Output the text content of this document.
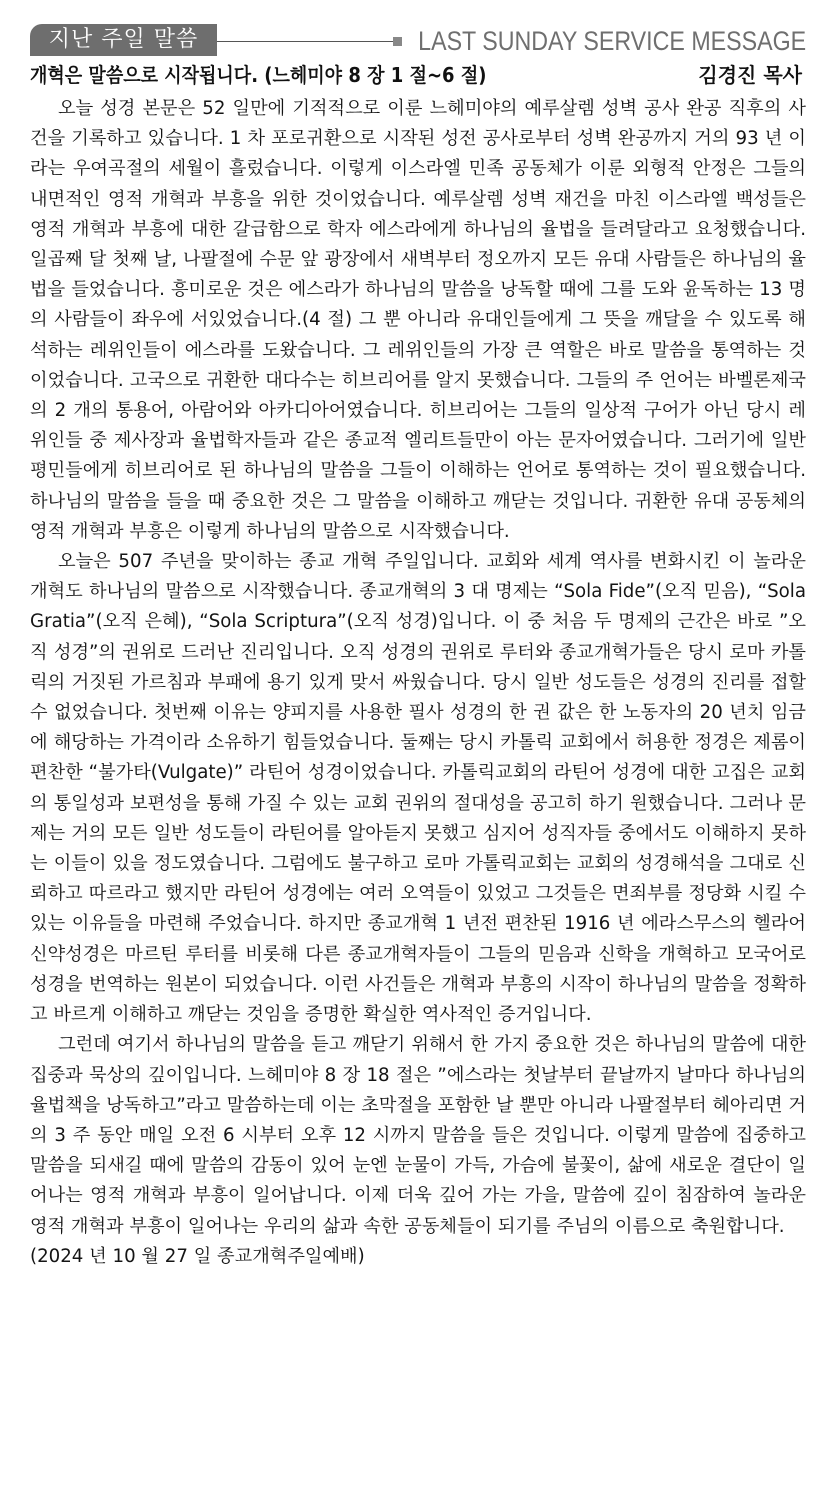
지난 주일 말씀	LAST SUNDAY SERVICE MESSAGE
개혁은 말씀으로 시작됩니다. (느헤미야 8 장 1 절~6 절)	김경진 목사

오늘 성경 본문은 52 일만에 기적적으로 이룬 느헤미야의 예루살렘 성벽 공사 완공 직후의 사건을 기록하고 있습니다. 1 차 포로귀환으로 시작된 성전 공사로부터 성벽 완공까지 거의 93 년 이라는 우여곡절의 세월이 흘렀습니다. 이렇게 이스라엘 민족 공동체가 이룬 외형적 안정은 그들의 내면적인 영적 개혁과 부흥을 위한 것이었습니다. 예루살렘 성벽 재건을 마친 이스라엘 백성들은 영적 개혁과 부흥에 대한 갈급함으로 학자 에스라에게 하나님의 율법을 들려달라고 요청했습니다. 일곱째 달 첫째 날, 나팔절에 수문 앞 광장에서 새벽부터 정오까지 모든 유대 사람들은 하나님의 율법을 들었습니다. 흥미로운 것은 에스라가 하나님의 말씀을 낭독할 때에 그를 도와 윤독하는 13 명의 사람들이 좌우에 서있었습니다.(4 절) 그 뿐 아니라 유대인들에게 그 뜻을 깨달을 수 있도록 해석하는 레위인들이 에스라를 도왔습니다. 그 레위인들의 가장 큰 역할은 바로 말씀을 통역하는 것이었습니다. 고국으로 귀환한 대다수는 히브리어를 알지 못했습니다. 그들의 주 언어는 바벨론제국의 2 개의 통용어, 아람어와 아카디아어였습니다. 히브리어는 그들의 일상적 구어가 아닌 당시 레위인들 중 제사장과 율법학자들과 같은 종교적 엘리트들만이 아는 문자어였습니다. 그러기에 일반 평민들에게 히브리어로 된 하나님의 말씀을 그들이 이해하는 언어로 통역하는 것이 필요했습니다. 하나님의 말씀을 들을 때 중요한 것은 그 말씀을 이해하고 깨닫는 것입니다. 귀환한 유대 공동체의 영적 개혁과 부흥은 이렇게 하나님의 말씀으로 시작했습니다.

오늘은 507 주년을 맞이하는 종교 개혁 주일입니다. 교회와 세계 역사를 변화시킨 이 놀라운 개혁도 하나님의 말씀으로 시작했습니다. 종교개혁의 3 대 명제는 “Sola Fide”(오직 믿음), “Sola Gratia”(오직 은혜), “Sola Scriptura”(오직 성경)입니다. 이 중 처음 두 명제의 근간은 바로 ”오직 성경”의 권위로 드러난 진리입니다. 오직 성경의 권위로 루터와 종교개혁가들은 당시 로마 카톨릭의 거짓된 가르침과 부패에 용기 있게 맞서 싸웠습니다. 당시 일반 성도들은 성경의 진리를 접할 수 없었습니다. 첫번째 이유는 양피지를 사용한 필사 성경의 한 권 값은 한 노동자의 20 년치 임금에 해당하는 가격이라 소유하기 힘들었습니다. 둘째는 당시 카톨릭 교회에서 허용한 정경은 제롬이 편찬한 “불가타(Vulgate)” 라틴어 성경이었습니다. 카톨릭교회의 라틴어 성경에 대한 고집은 교회의 통일성과 보편성을 통해 가질 수 있는 교회 권위의 절대성을 공고히 하기 원했습니다. 그러나 문제는 거의 모든 일반 성도들이 라틴어를 알아듣지 못했고 심지어 성직자들 중에서도 이해하지 못하는 이들이 있을 정도였습니다. 그럼에도 불구하고 로마 가톨릭교회는 교회의 성경해석을 그대로 신뢰하고 따르라고 했지만 라틴어 성경에는 여러 오역들이 있었고 그것들은 면죄부를 정당화 시킬 수 있는 이유들을 마련해 주었습니다. 하지만 종교개혁 1 년전 편찬된 1916 년 에라스무스의 헬라어 신약성경은 마르틴 루터를 비롯해 다른 종교개혁자들이 그들의 믿음과 신학을 개혁하고 모국어로 성경을 번역하는 원본이 되었습니다. 이런 사건들은 개혁과 부흥의 시작이 하나님의 말씀을 정확하고 바르게 이해하고 깨닫는 것임을 증명한 확실한 역사적인 증거입니다.

그런데 여기서 하나님의 말씀을 듣고 깨닫기 위해서 한 가지 중요한 것은 하나님의 말씀에 대한 집중과 묵상의 깊이입니다. 느헤미야 8 장 18 절은 ”에스라는 첫날부터 끝날까지 날마다 하나님의 율법책을 낭독하고”라고 말씀하는데 이는 초막절을 포함한 날 뿐만 아니라 나팔절부터 헤아리면 거의 3 주 동안 매일 오전 6 시부터 오후 12 시까지 말씀을 들은 것입니다. 이렇게 말씀에 집중하고 말씀을 되새길 때에 말씀의 감동이 있어 눈엔 눈물이 가득, 가슴에 불꽃이, 삶에 새로운 결단이 일어나는 영적 개혁과 부흥이 일어납니다. 이제 더욱 깊어 가는 가을, 말씀에 깊이 침잠하여 놀라운 영적 개혁과 부흥이 일어나는 우리의 삶과 속한 공동체들이 되기를 주님의 이름으로 축원합니다.

(2024 년 10 월 27 일 종교개혁주일예배)
